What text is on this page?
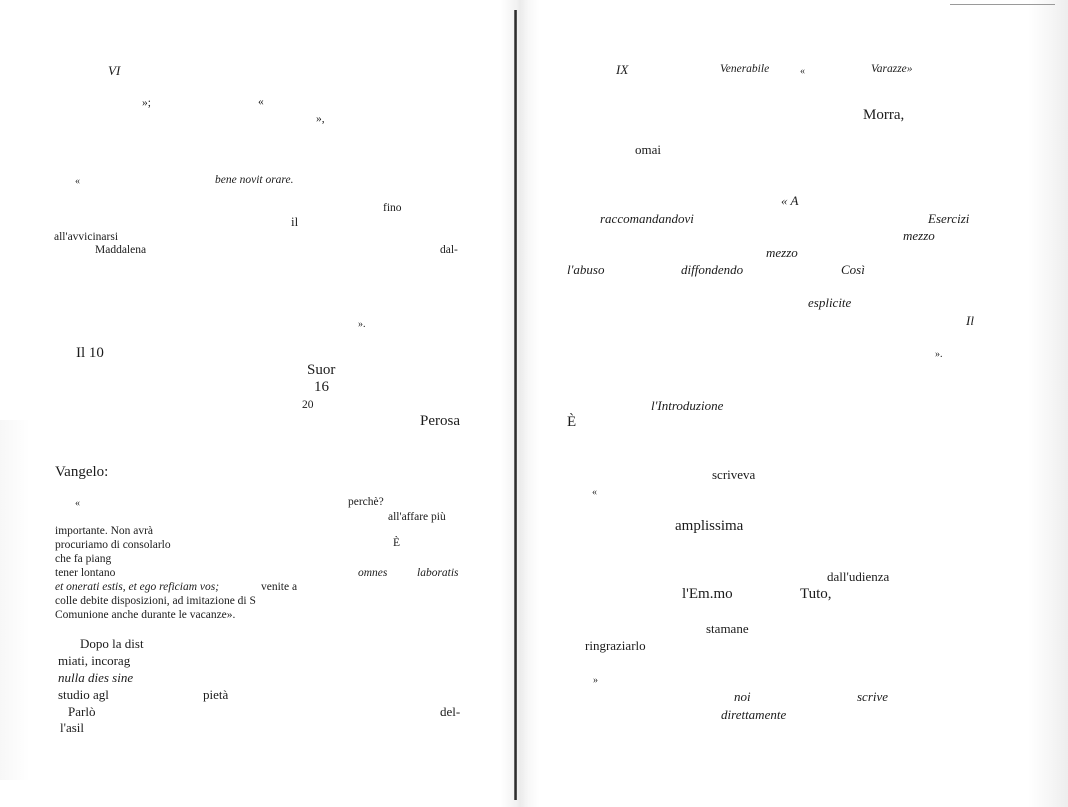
VI
»;	«
»,
«	bene novit orare.
fino
il
all'avvicinarsi
Maddalena	dal-
».
Il 10
Suor
16
20
Perosa
Vangelo:
«	perchè?
all'affare più
importante. Non avrà
procuriamo di consolarlo	È
che fa piang
tener lontano	omnes	laboratis
et onerati estis, et ego reficiam vos;	venite a
colle debite disposizioni, ad imitazione di S
Comunione anche durante le vacanze».
Dopo la dist
miati, incorag
nulla dies sine
studio agl	pietà
Parlò	del-
l'asil
IX	Venerabile	«	Varazze»
Morra,
omai
« A
raccomandandovi	Esercizi
mezzo
mezzo
l'abuso	diffondendo	Così
esplicite
Il
».
l'Introduzione
È
scriveva
«
amplissima
dall'udienza
l'Em.mo	Tuto,
stamane
ringraziarlo
»
noi	scrive
direttamente
